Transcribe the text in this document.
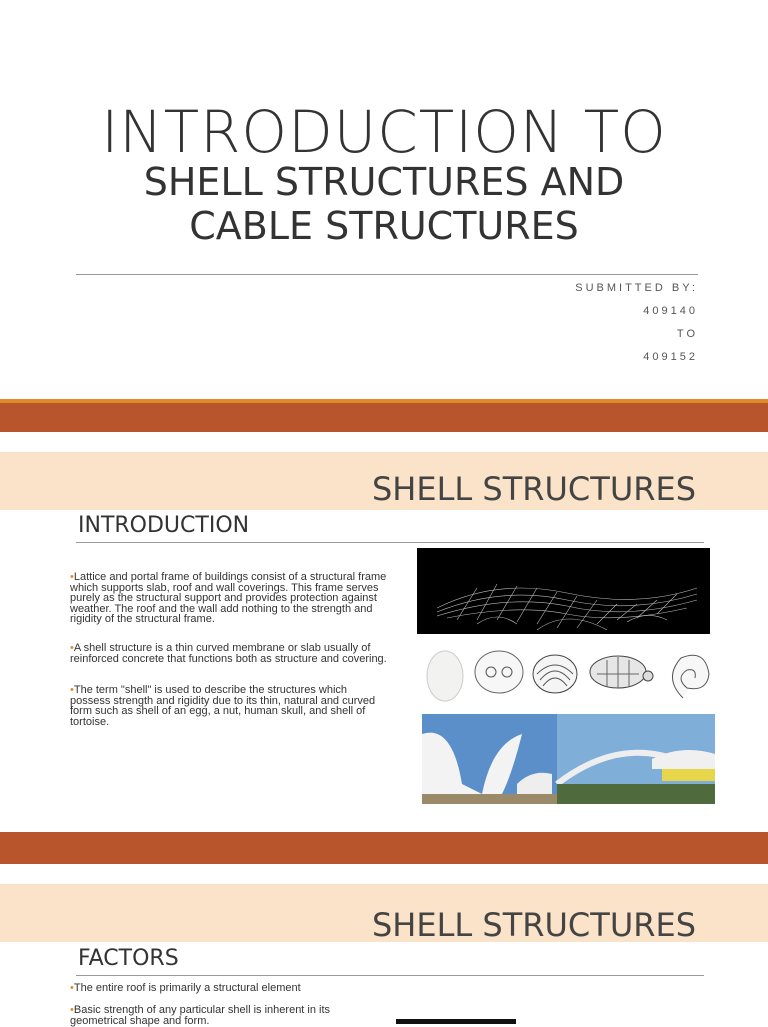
INTRODUCTION TO
SHELL STRUCTURES AND
CABLE STRUCTURES
SUBMITTED BY:
409140
TO
409152
SHELL STRUCTURES
INTRODUCTION
•Lattice and portal frame of buildings consist of a structural frame which supports slab, roof and wall coverings. This frame serves purely as the structural support and provides protection against weather. The roof and the wall add nothing to the strength and rigidity of the structural frame.
•A shell structure is a thin curved membrane or slab usually of reinforced concrete that functions both as structure and covering.
•The term "shell" is used to describe the structures which possess strength and rigidity due to its thin, natural and curved form such as shell of an egg, a nut, human skull, and shell of tortoise.
SHELL STRUCTURES
FACTORS
•The entire roof is primarily a structural element
•Basic strength of any particular shell is inherent in its geometrical shape and form.
